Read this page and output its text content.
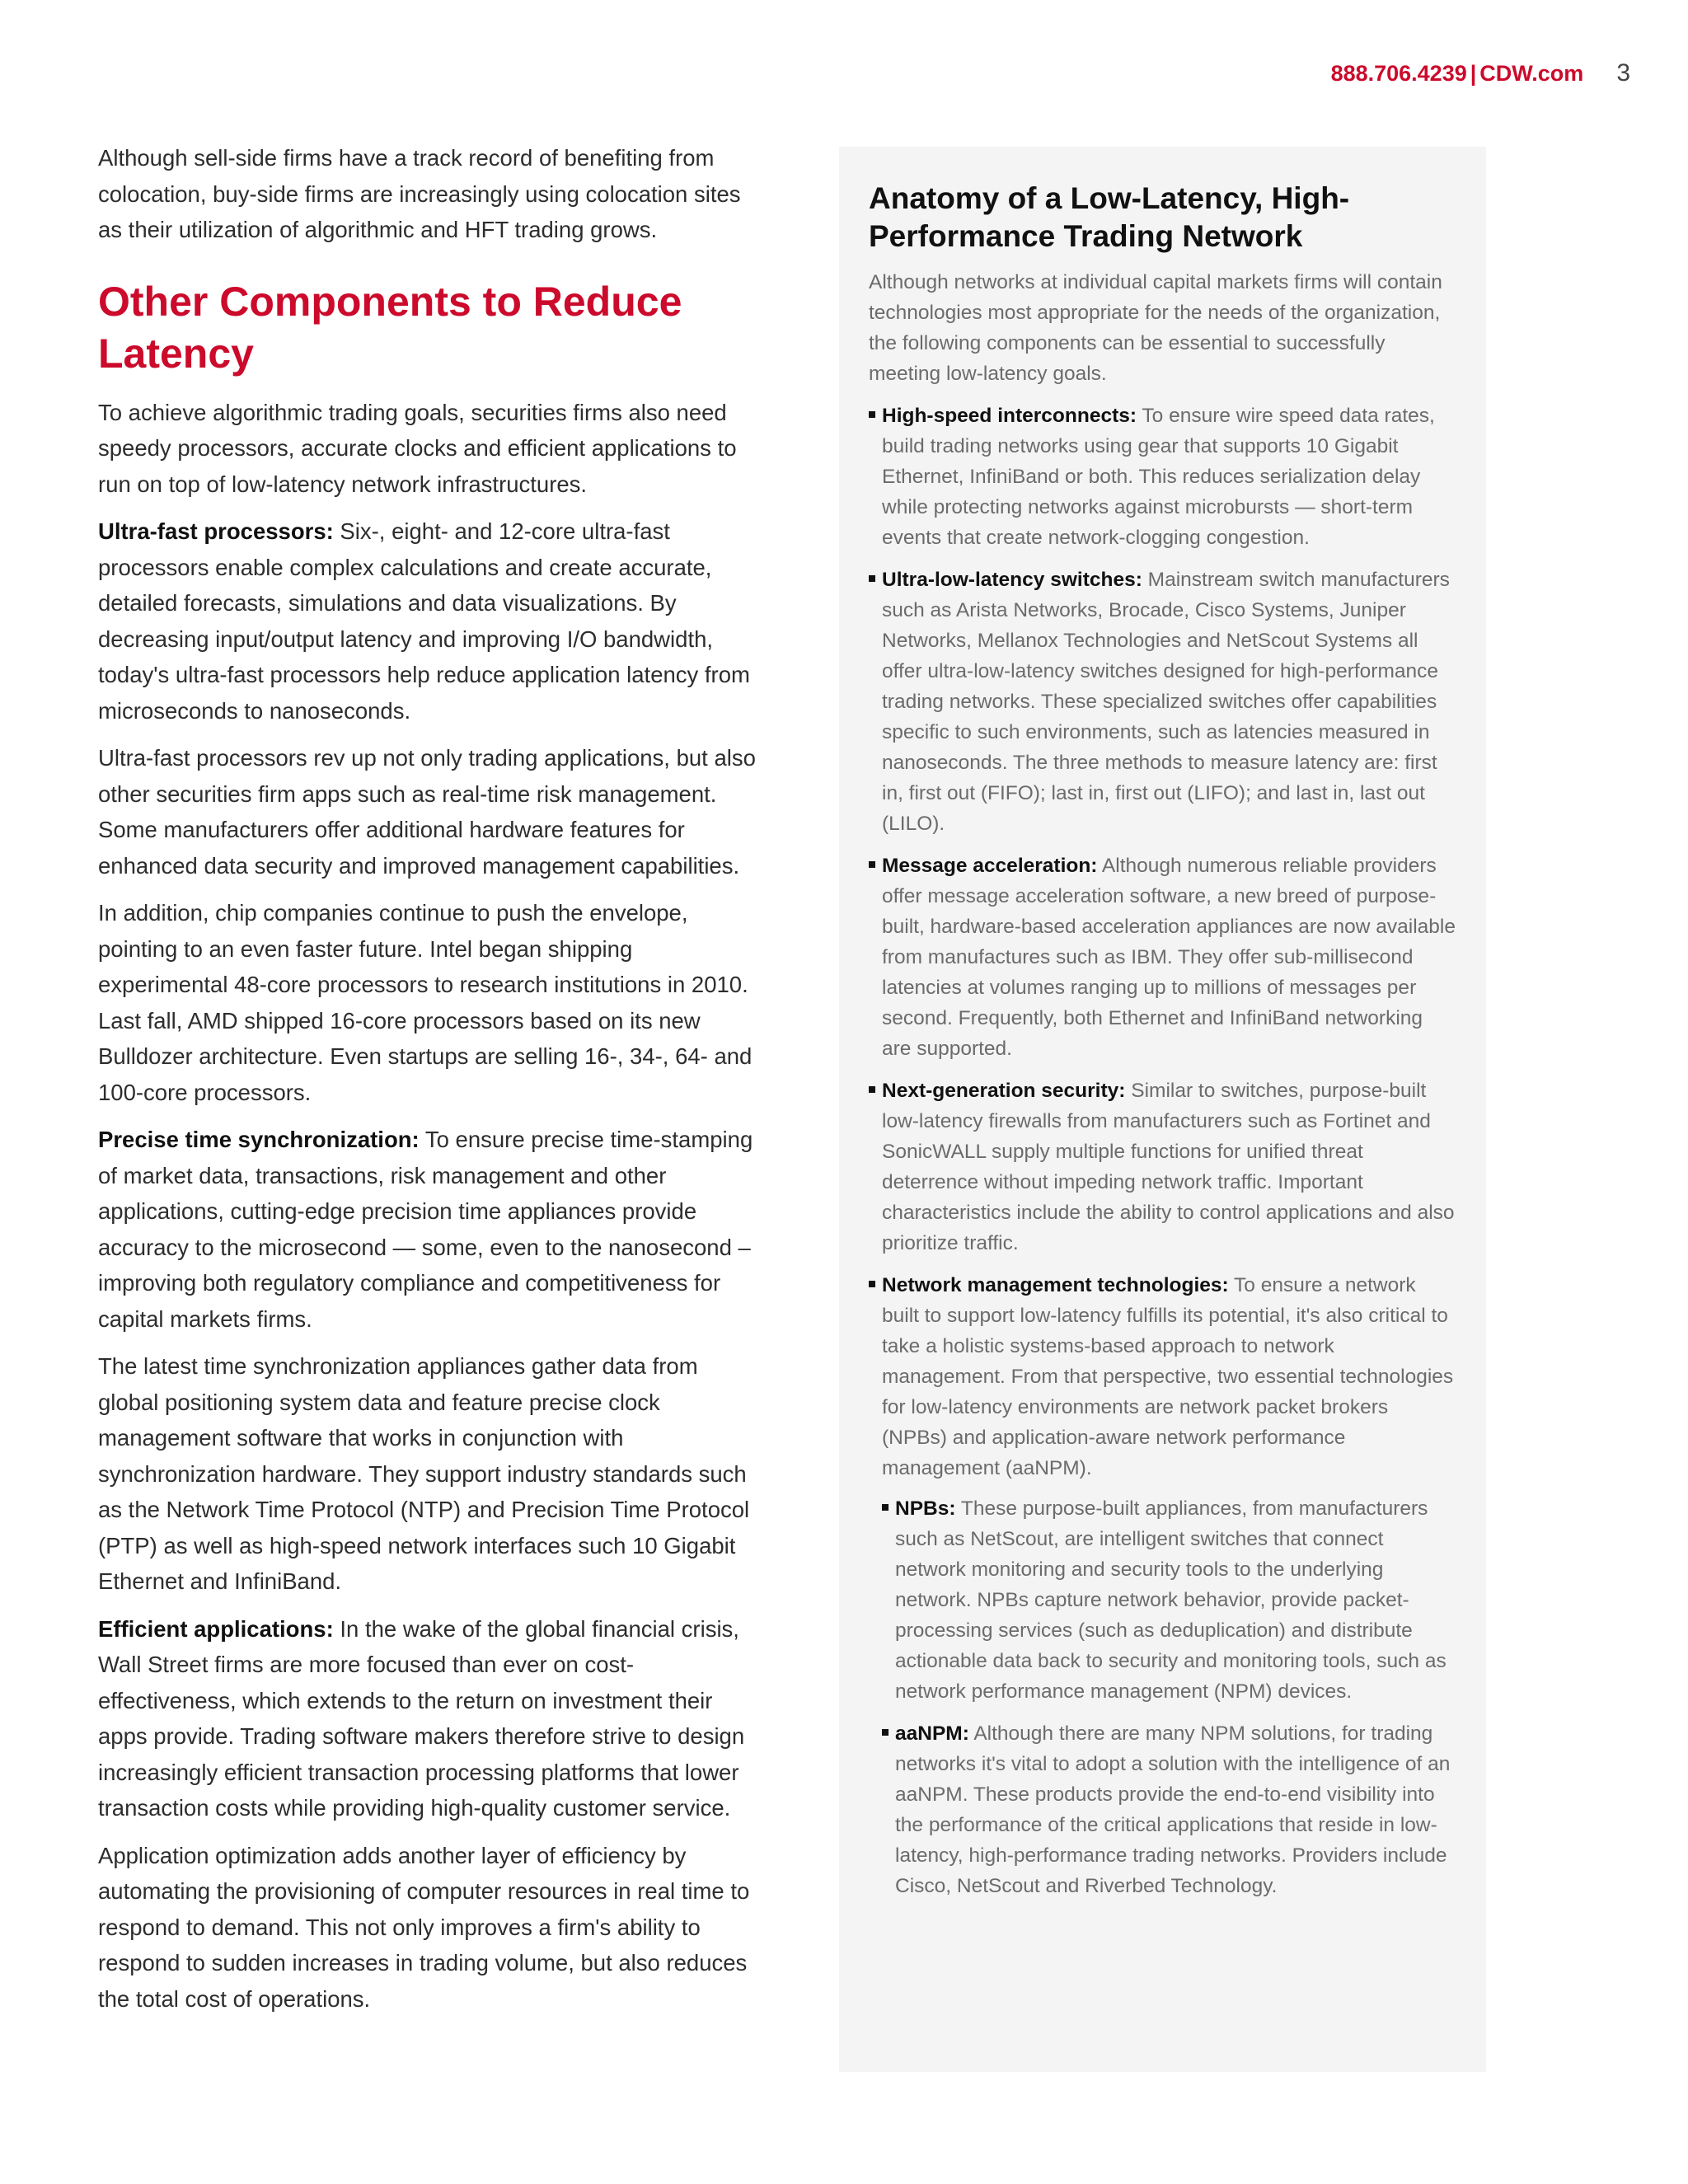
888.706.4239 | CDW.com 3

Although sell-side firms have a track record of benefiting from colocation, buy-side firms are increasingly using colocation sites as their utilization of algorithmic and HFT trading grows.

Other Components to Reduce Latency

To achieve algorithmic trading goals, securities firms also need speedy processors, accurate clocks and efficient applications to run on top of low-latency network infrastructures.

Ultra-fast processors: Six-, eight- and 12-core ultra-fast processors enable complex calculations and create accurate, detailed forecasts, simulations and data visualizations. By decreasing input/output latency and improving I/O bandwidth, today's ultra-fast processors help reduce application latency from microseconds to nanoseconds.

Ultra-fast processors rev up not only trading applications, but also other securities firm apps such as real-time risk management. Some manufacturers offer additional hardware features for enhanced data security and improved management capabilities.

In addition, chip companies continue to push the envelope, pointing to an even faster future. Intel began shipping experimental 48-core processors to research institutions in 2010. Last fall, AMD shipped 16-core processors based on its new Bulldozer architecture. Even startups are selling 16-, 34-, 64- and 100-core processors.

Precise time synchronization: To ensure precise time-stamping of market data, transactions, risk management and other applications, cutting-edge precision time appliances provide accuracy to the microsecond — some, even to the nanosecond – improving both regulatory compliance and competitiveness for capital markets firms.

The latest time synchronization appliances gather data from global positioning system data and feature precise clock management software that works in conjunction with synchronization hardware. They support industry standards such as the Network Time Protocol (NTP) and Precision Time Protocol (PTP) as well as high-speed network interfaces such 10 Gigabit Ethernet and InfiniBand.

Efficient applications: In the wake of the global financial crisis, Wall Street firms are more focused than ever on cost-effectiveness, which extends to the return on investment their apps provide. Trading software makers therefore strive to design increasingly efficient transaction processing platforms that lower transaction costs while providing high-quality customer service.

Application optimization adds another layer of efficiency by automating the provisioning of computer resources in real time to respond to demand. This not only improves a firm's ability to respond to sudden increases in trading volume, but also reduces the total cost of operations.

Anatomy of a Low-Latency, High-Performance Trading Network

Although networks at individual capital markets firms will contain technologies most appropriate for the needs of the organization, the following components can be essential to successfully meeting low-latency goals.

High-speed interconnects: To ensure wire speed data rates, build trading networks using gear that supports 10 Gigabit Ethernet, InfiniBand or both. This reduces serialization delay while protecting networks against microbursts — short-term events that create network-clogging congestion.
Ultra-low-latency switches: Mainstream switch manufacturers such as Arista Networks, Brocade, Cisco Systems, Juniper Networks, Mellanox Technologies and NetScout Systems all offer ultra-low-latency switches designed for high-performance trading networks. These specialized switches offer capabilities specific to such environments, such as latencies measured in nanoseconds. The three methods to measure latency are: first in, first out (FIFO); last in, first out (LIFO); and last in, last out (LILO).
Message acceleration: Although numerous reliable providers offer message acceleration software, a new breed of purpose-built, hardware-based acceleration appliances are now available from manufactures such as IBM. They offer sub-millisecond latencies at volumes ranging up to millions of messages per second. Frequently, both Ethernet and InfiniBand networking are supported.
Next-generation security: Similar to switches, purpose-built low-latency firewalls from manufacturers such as Fortinet and SonicWALL supply multiple functions for unified threat deterrence without impeding network traffic. Important characteristics include the ability to control applications and also prioritize traffic.
Network management technologies: To ensure a network built to support low-latency fulfills its potential, it's also critical to take a holistic systems-based approach to network management. From that perspective, two essential technologies for low-latency environments are network packet brokers (NPBs) and application-aware network performance management (aaNPM).
NPBs: These purpose-built appliances, from manufacturers such as NetScout, are intelligent switches that connect network monitoring and security tools to the underlying network. NPBs capture network behavior, provide packet-processing services (such as deduplication) and distribute actionable data back to security and monitoring tools, such as network performance management (NPM) devices.
aaNPM: Although there are many NPM solutions, for trading networks it's vital to adopt a solution with the intelligence of an aaNPM. These products provide the end-to-end visibility into the performance of the critical applications that reside in low-latency, high-performance trading networks. Providers include Cisco, NetScout and Riverbed Technology.
